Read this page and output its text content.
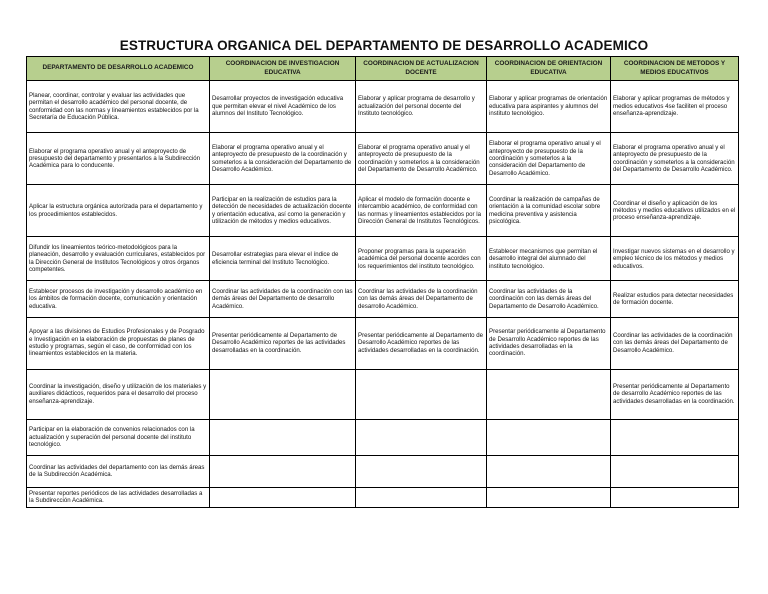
ESTRUCTURA ORGANICA DEL DEPARTAMENTO DE DESARROLLO ACADEMICO
DEPARTAMENTO DE DESARROLLO ACADEMICO	COORDINACION DE INVESTIGACION EDUCATIVA	COORDINACION DE ACTUALIZACION DOCENTE	COORDINACION DE ORIENTACION EDUCATIVA	COORDINACION DE METODOS Y MEDIOS EDUCATIVOS
Planear, coordinar, controlar y evaluar las actividades que permitan el desarrollo académico del personal docente, de conformidad con las normas y lineamientos establecidos por la Secretaría de Educación Pública.	Desarrollar proyectos de investigación educativa que permitan elevar el nivel Académico de los alumnos del Instituto Tecnológico.	Elaborar y aplicar programa de desarrollo y actualización del personal docente del Instituto tecnológico.	Elaborar y aplicar programas de orientación educativa para aspirantes y alumnos del instituto tecnológico.	Elaborar y aplicar programas de métodos y medios educativos 4se faciliten el proceso enseñanza-aprendizaje.
Elaborar el programa operativo anual y el anteproyecto de presupuesto del departamento y presentarlos a la Subdirección Académica para lo conducente.	Elaborar el programa operativo anual y el anteproyecto de presupuesto de la coordinación y someterlos a la consideración del Departamento de Desarrollo Académico.	Elaborar el programa operativo anual y el anteproyecto de presupuesto de la coordinación y someterlos a la consideración del Departamento de Desarrollo Académico.	Elaborar el programa operativo anual y el anteproyecto de presupuesto de la coordinación y someterlos a la consideración del Departamento de Desarrollo Académico.	Elaborar el programa operativo anual y el anteproyecto de presupuesto de la coordinación y someterlos a la consideración del Departamento de Desarrollo Académico.
Aplicar la estructura orgánica autorizada para el departamento y los procedimientos establecidos.	Participar en la realización de estudios para la detección de necesidades de actualización docente y orientación educativa, así como la generación y utilización de métodos y medios educativos.	Aplicar el modelo de formación docente e intercambio académico, de conformidad con las normas y lineamientos establecidos por la Dirección General de Institutos Tecnológicos.	Coordinar la realización de campañas de orientación a la comunidad escolar sobre medicina preventiva y asistencia psicológica.	Coordinar el diseño y aplicación de los métodos y medios educativos utilizados en el proceso enseñanza-aprendizaje.
Difundir los lineamientos teórico-metodológicos para la planeación, desarrollo y evaluación curriculares, establecidos por la Dirección General de Institutos Tecnológicos y otros órganos competentes.	Desarrollar estrategias para elevar el índice de eficiencia terminal del Instituto Tecnológico.	Proponer programas para la superación académica del personal docente acordes con los requerimientos del instituto tecnológico.	Establecer mecanismos que permitan el desarrollo integral del alumnado del instituto tecnológico.	Investigar nuevos sistemas en el desarrollo y empleo técnico de los métodos y medios educativos.
Establecer procesos de investigación y desarrollo académico en los ámbitos de formación docente, comunicación y orientación educativa.	Coordinar las actividades de la coordinación con las demás áreas del Departamento de desarrollo Académico.	Coordinar las actividades de la coordinación con las demás áreas del Departamento de desarrollo Académico.	Coordinar las actividades de la coordinación con las demás áreas del Departamento de Desarrollo Académico.	Realizar estudios para detectar necesidades de formación docente.
Apoyar a las divisiones de Estudios Profesionales y de Posgrado e Investigación en la elaboración de propuestas de planes de estudio y programas, según el caso, de conformidad con los lineamientos establecidos en la materia.	Presentar periódicamente al Departamento de Desarrollo Académico reportes de las actividades desarrolladas en la coordinación.	Presentar periódicamente al Departamento de Desarrollo Académico reportes de las actividades desarrolladas en la coordinación.	Presentar periódicamente al Departamento de Desarrollo Académico reportes de las actividades desarrolladas en la coordinación.	Coordinar las actividades de la coordinación con las demás áreas del Departamento de Desarrollo Académico.
Coordinar la investigación, diseño y utilización de los materiales y auxiliares didácticos, requeridos para el desarrollo del proceso enseñanza-aprendizaje.				Presentar periódicamente al Departamento de desarrollo Académico reportes de las actividades desarrolladas en la coordinación.
Participar en la elaboración de convenios relacionados con la actualización y superación del personal docente del instituto tecnológico.				
Coordinar las actividades del departamento con las demás áreas de la Subdirección Académica.				
Presentar reportes periódicos de las actividades desarrolladas a la Subdirección Académica.				
